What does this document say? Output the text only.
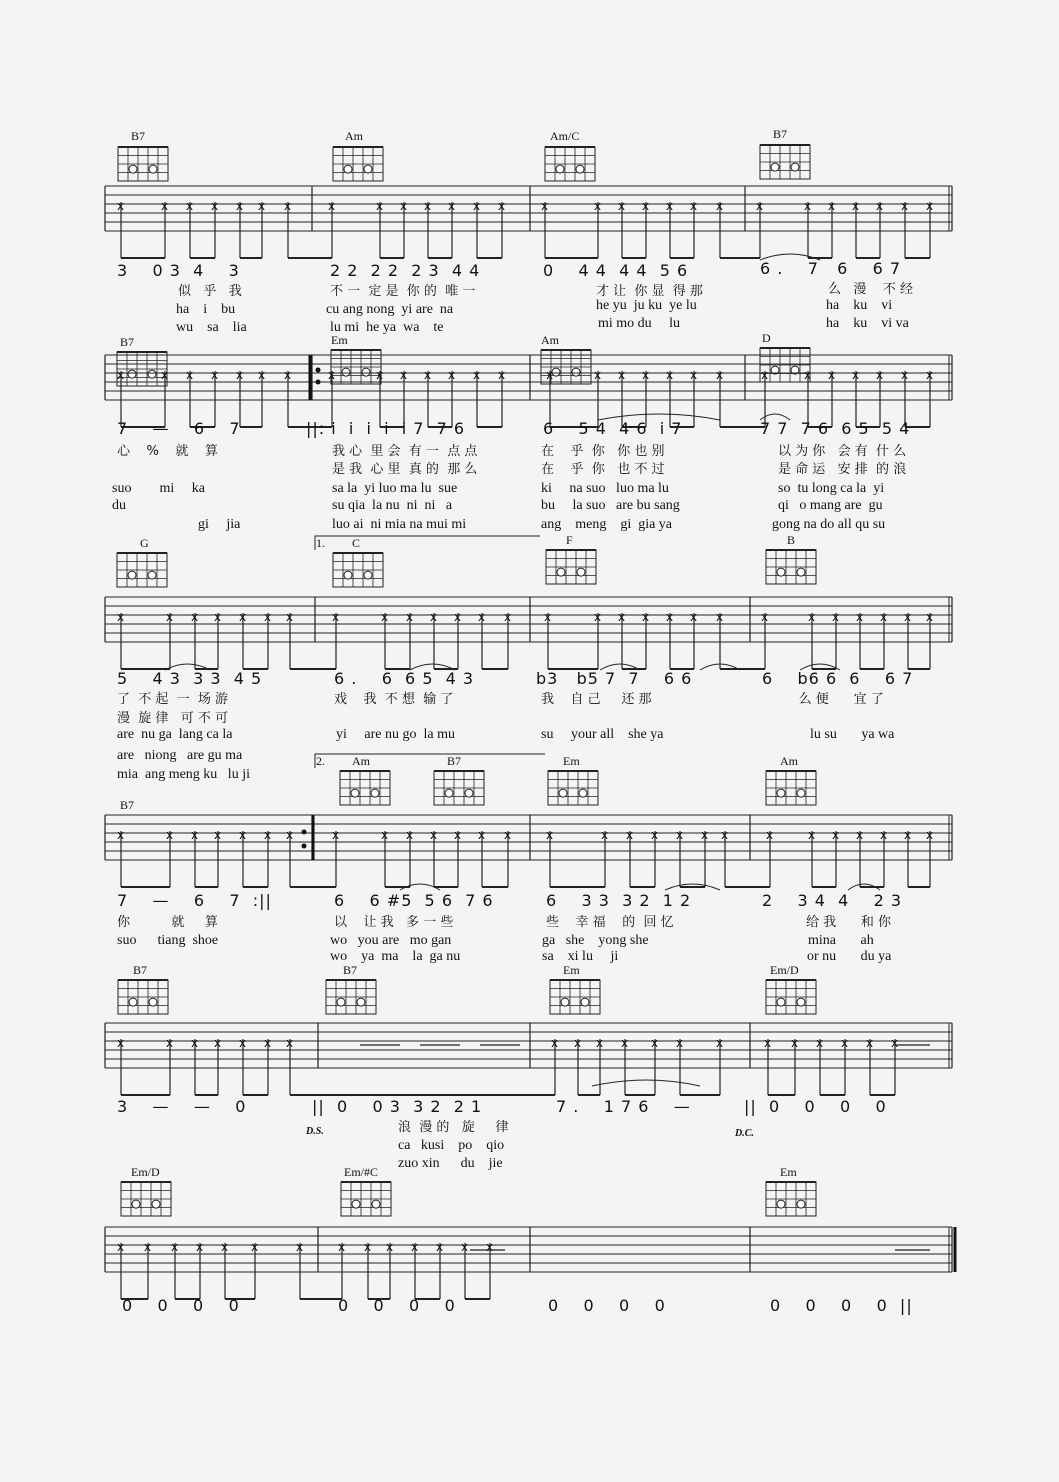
x	x x x x x x	x	x x x x x x	x	x x x x x x	x	x x x x x x
x	x x x x x x	x	x x x x x x	x	x x x x x x	x	x x x x x x
x	x x x x x x	x	x x x x x x	x	x x x x x x	x	x x x x x x
x	x x x x x x	x	x x x x x x	x	x x x x x x	x	x x x x x x
x	x x x x x x	x x x x x x	x	x x x x x x
x x x x x x	x	x x x x x x x
B7	Am	Am/C	B7
3    0 3  4    3	2 2  2 2  2 3  4 4	0    4 4  4 4  5 6	6 .    7   6    6 7
似   乎   我	不 一  定 是  你 的  唯 一	才 让  你 显  得 那	么   漫    不 经
ha    i    bu	cu ang nong  yi are  na	he yu  ju ku  ye lu	ha    ku    vi
wu    sa    lia	lu mi  he ya  wa    te	mi mo du     lu	ha    ku    vi va
B7	Em	Am	D
7    —    6    7	||: i  i  i  i  i 7  7 6	6    5 4  4 6  i 7	7 7  7 6  6 5  5 4
心    %    就    算	我 心  里 会  有 一  点 点	在    乎  你   你 也 别	以 为 你   会 有  什 么
是 我  心 里  真 的  那 么	在    乎  你   也 不 过	是 命 运   安 排  的 浪
suo        mi     ka	sa la  yi luo ma lu  sue	ki     na suo   luo ma lu	so  tu long ca la  yi
du	su qia  la nu  ni  ni   a	bu     la suo   are bu sang	qi   o mang are  gu
gi     jia	luo ai  ni mia na mui mi	ang    meng    gi  gia ya	gong na do all qu su
G	1. C	F	B
5    4 3  3 3  4 5	6 .    6  6 5  4 3	b3   b5 7  7    6 6	6    b6 6  6    6 7
了  不 起  一  场 游	戏    我  不 想  输 了	我    自 己     还 那	么 便      宜 了
漫  旋 律   可 不 可
are  nu ga  lang ca la	yi     are nu go  la mu	su     your all    she ya	lu su       ya wa
are   niong   are gu ma
mia  ang meng ku   lu ji
B7
2. Am	B7	Em	Am
7    —    6    7  :||	6    6 #5  5 6  7 6	6    3 3  3 2  1 2	2    3 4  4    2 3
你          就     算	以    让 我   多 一 些	些    幸 福    的  回 忆	给 我      和 你
suo      tiang  shoe	wo   you are   mo gan	ga   she    yong she	mina       ah
wo    ya  ma    la  ga nu	sa    xi lu     ji	or nu       du ya
B7	B7	Em	Em/D
3    —    —    0	||  0    0 3  3 2  2 1	7 .    1 7 6    —	||  0    0    0    0
浪  漫 的   旋     律
ca   kusi    po    qio
zuo xin      du    jie
D.S.	D.C.
Em/D	Em/#C	Em
0    0    0    0	0    0    0    0	0    0    0    0	0    0    0    0  ||
